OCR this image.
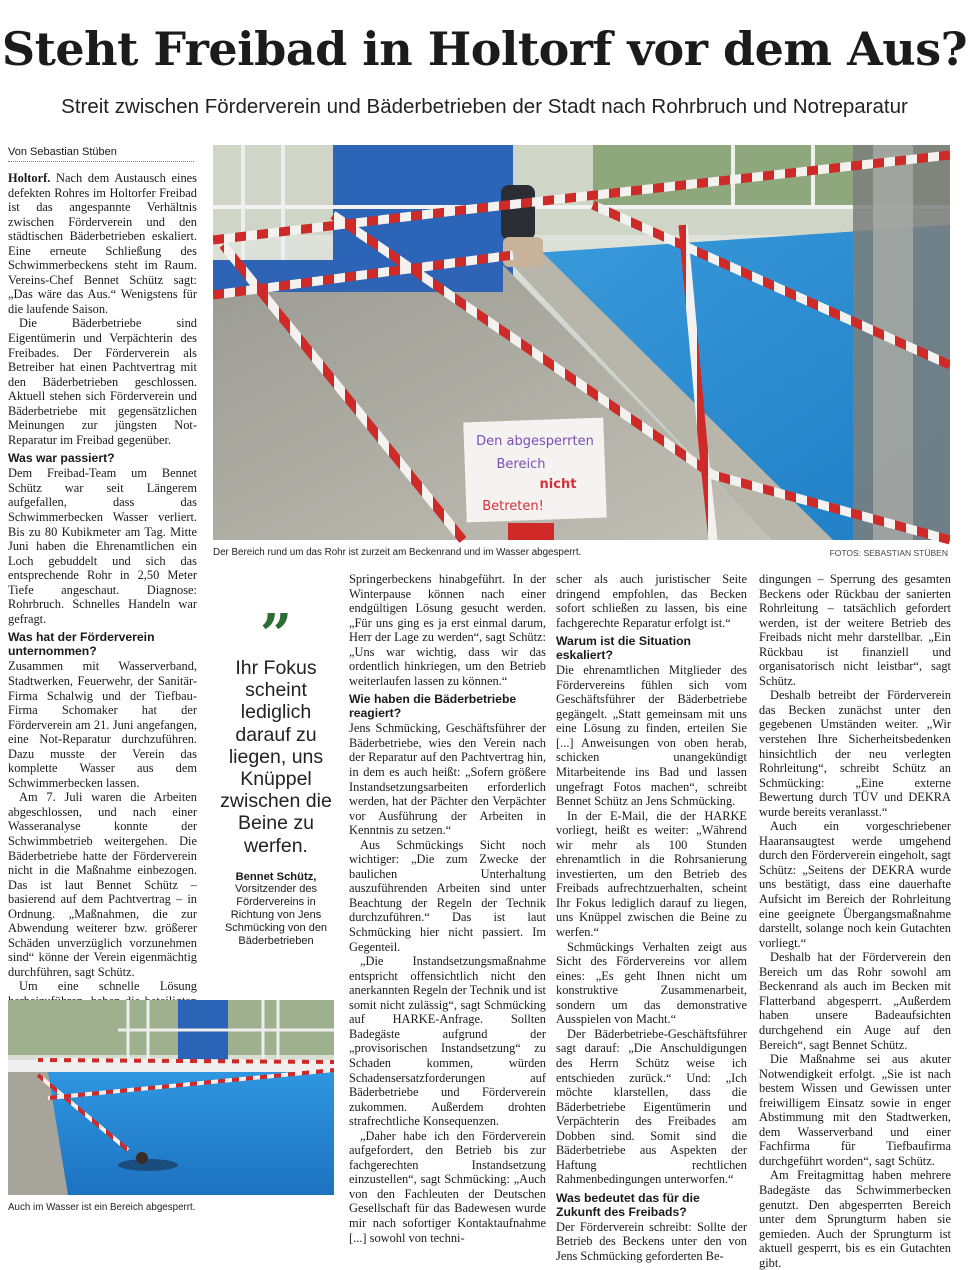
Steht Freibad in Holtorf vor dem Aus?
Streit zwischen Förderverein und Bäderbetrieben der Stadt nach Rohrbruch und Notreparatur
Von Sebastian Stüben

Holtorf. Nach dem Austausch eines defekten Rohres im Holtorfer Freibad ist das angespannte Verhältnis zwischen Förderverein und den städtischen Bäderbetrieben eskaliert. Eine erneute Schließung des Schwimmerbeckens steht im Raum. Vereins-Chef Bennet Schütz sagt: „Das wäre das Aus.“ Wenigstens für die laufende Saison.

Die Bäderbetriebe sind Eigentümerin und Verpächterin des Freibades. Der Förderverein als Betreiber hat einen Pachtvertrag mit den Bäderbetrieben geschlossen. Aktuell stehen sich Förderverein und Bäderbetriebe mit gegensätzlichen Meinungen zur jüngsten Not-Reparatur im Freibad gegenüber.

Was war passiert?

Dem Freibad-Team um Bennet Schütz war seit Längerem aufgefallen, dass das Schwimmerbecken Wasser verliert. Bis zu 80 Kubikmeter am Tag. Mitte Juni haben die Ehrenamtlichen ein Loch gebuddelt und sich das entsprechende Rohr in 2,50 Meter Tiefe angeschaut. Diagnose: Rohrbruch. Schnelles Handeln war gefragt.

Was hat der Förderverein unternommen?

Zusammen mit Wasserverband, Stadtwerken, Feuerwehr, der Sanitär-Firma Schalwig und der Tiefbau-Firma Schomaker hat der Förderverein am 21. Juni angefangen, eine Not-Reparatur durchzuführen. Dazu musste der Verein das komplette Wasser aus dem Schwimmerbecken lassen.

Am 7. Juli waren die Arbeiten abgeschlossen, und nach einer Wasseranalyse konnte der Schwimmbetrieb weitergehen. Die Bäderbetriebe hatte der Förderverein nicht in die Maßnahme einbezogen. Das ist laut Bennet Schütz – basierend auf dem Pachtvertrag – in Ordnung. „Maßnahmen, die zur Abwendung weiterer bzw. größerer Schäden unverzüglich vorzunehmen sind“ könne der Verein eigenmächtig durchführen, sagt Schütz.

Um eine schnelle Lösung

Den abgesperrten
Bereich
nicht
Betreten!
Der Bereich rund um das Rohr ist zurzeit am Beckenrand und im Wasser abgesperrt.	FOTOS: SEBASTIAN STÜBEN
”
Ihr Fokus scheint lediglich darauf zu liegen, uns Knüppel zwischen die Beine zu werfen.
Bennet Schütz,
Vorsitzender des Fördervereins in Richtung von Jens Schmücking von den Bäderbetrieben

Springerbeckens hinabgeführt. In der Winterpause können nach einer endgültigen Lösung gesucht werden. „Für uns ging es ja erst einmal darum, Herr der Lage zu werden“, sagt Schütz: „Uns war wichtig, dass wir das ordentlich hinkriegen, um den Betrieb weiterlaufen lassen zu können.“

Wie haben die Bäderbetriebe reagiert?

Jens Schmücking, Geschäftsführer der Bäderbetriebe, wies den Verein nach der Reparatur auf den Pachtvertrag hin, in dem es auch heißt: „Sofern größere Instandsetzungsarbeiten erforderlich werden, hat der Pächter den Verpächter vor Ausführung der Arbeiten in Kenntnis zu setzen.“

Aus Schmückings Sicht noch wichtiger: „Die zum Zwecke der baulichen Unterhaltung auszuführenden Arbeiten sind unter Beachtung der Regeln der Technik durchzuführen.“ Das ist laut Schmücking hier nicht passiert. Im Gegenteil.

„Die Instandsetzungsmaßnahme entspricht offensichtlich nicht den anerkannten Regeln der Technik und ist somit nicht zulässig“, sagt Schmücking auf HARKE-Anfrage. Sollten Badegäste aufgrund der „provisorischen Instandsetzung“ zu Schaden kommen, würden Schadensersatzforderungen auf Bäderbetriebe und Förderverein zukommen. Außerdem drohten strafrechtliche Konsequenzen.

„Daher habe ich den Förderverein aufgefordert, den Betrieb bis zur fachgerechten Instandsetzung einzustellen“, sagt Schmücking: „Auch von den Fachleuten der Deutschen Gesellschaft für das Badewesen wurde mir nach sofortiger Kontaktaufnahme [...] sowohl von techni-

scher als auch juristischer Seite dringend empfohlen, das Becken sofort schließen zu lassen, bis eine fachgerechte Reparatur erfolgt ist.“

Warum ist die Situation eskaliert?

Die ehrenamtlichen Mitglieder des Fördervereins fühlen sich vom Geschäftsführer der Bäderbetriebe gegängelt. „Statt gemeinsam mit uns eine Lösung zu finden, erteilen Sie [...] Anweisungen von oben herab, schicken unangekündigt Mitarbeitende ins Bad und lassen ungefragt Fotos machen“, schreibt Bennet Schütz an Jens Schmücking.

In der E-Mail, die der HARKE vorliegt, heißt es weiter: „Während wir mehr als 100 Stunden ehrenamtlich in die Rohrsanierung investierten, um den Betrieb des Freibads aufrechtzuerhalten, scheint Ihr Fokus lediglich darauf zu liegen, uns Knüppel zwischen die Beine zu werfen.“

Schmückings Verhalten zeigt aus Sicht des Fördervereins vor allem eines: „Es geht Ihnen nicht um konstruktive Zusammenarbeit, sondern um das demonstrative Ausspielen von Macht.“

Der Bäderbetriebe-Geschäftsführer sagt darauf: „Die Anschuldigungen des Herrn Schütz weise ich entschieden zurück.“ Und: „Ich möchte klarstellen, dass die Bäderbetriebe Eigentümerin und Verpächterin des Freibades am Dobben sind. Somit sind die Bäderbetriebe aus Aspekten der Haftung rechtlichen Rahmenbedingungen unterworfen.“

Was bedeutet das für die Zukunft des Freibads?

Der Förderverein schreibt: Sollte der Betrieb des Beckens unter den von Jens Schmücking geforderten Be-

dingungen – Sperrung des gesamten Beckens oder Rückbau der sanierten Rohrleitung – tatsächlich gefordert werden, ist der weitere Betrieb des Freibads nicht mehr darstellbar. „Ein Rückbau ist finanziell und organisatorisch nicht leistbar“, sagt Schütz.

Deshalb betreibt der Förderverein das Becken zunächst unter den gegebenen Umständen weiter. „Wir verstehen Ihre Sicherheitsbedenken hinsichtlich der neu verlegten Rohrleitung“, schreibt Schütz an Schmücking: „Eine externe Bewertung durch TÜV und DEKRA wurde bereits veranlasst.“

Auch ein vorgeschriebener Haaransaugtest werde umgehend durch den Förderverein eingeholt, sagt Schütz: „Seitens der DEKRA wurde uns bestätigt, dass eine dauerhafte Aufsicht im Bereich der Rohrleitung eine geeignete Übergangsmaßnahme darstellt, solange noch kein Gutachten vorliegt.“

Deshalb hat der Förderverein den Bereich um das Rohr sowohl am Beckenrand als auch im Becken mit Flatterband abgesperrt. „Außerdem haben unsere Badeaufsichten durchgehend ein Auge auf den Bereich“, sagt Bennet Schütz.

Die Maßnahme sei aus akuter Notwendigkeit erfolgt. „Sie ist nach bestem Wissen und Gewissen unter freiwilligem Einsatz sowie in enger Abstimmung mit den Stadtwerken, dem Wasserverband und einer Fachfirma für Tiefbaufirma durchgeführt worden“, sagt Schütz.

Am Freitagmittag haben mehrere Badegäste das Schwimmerbecken genutzt. Den abgesperrten Bereich unter dem Sprungturm haben sie gemieden. Auch der Sprungturm ist aktuell gesperrt, bis es ein Gutachten gibt.

Auch im Wasser ist ein Bereich abgesperrt.
